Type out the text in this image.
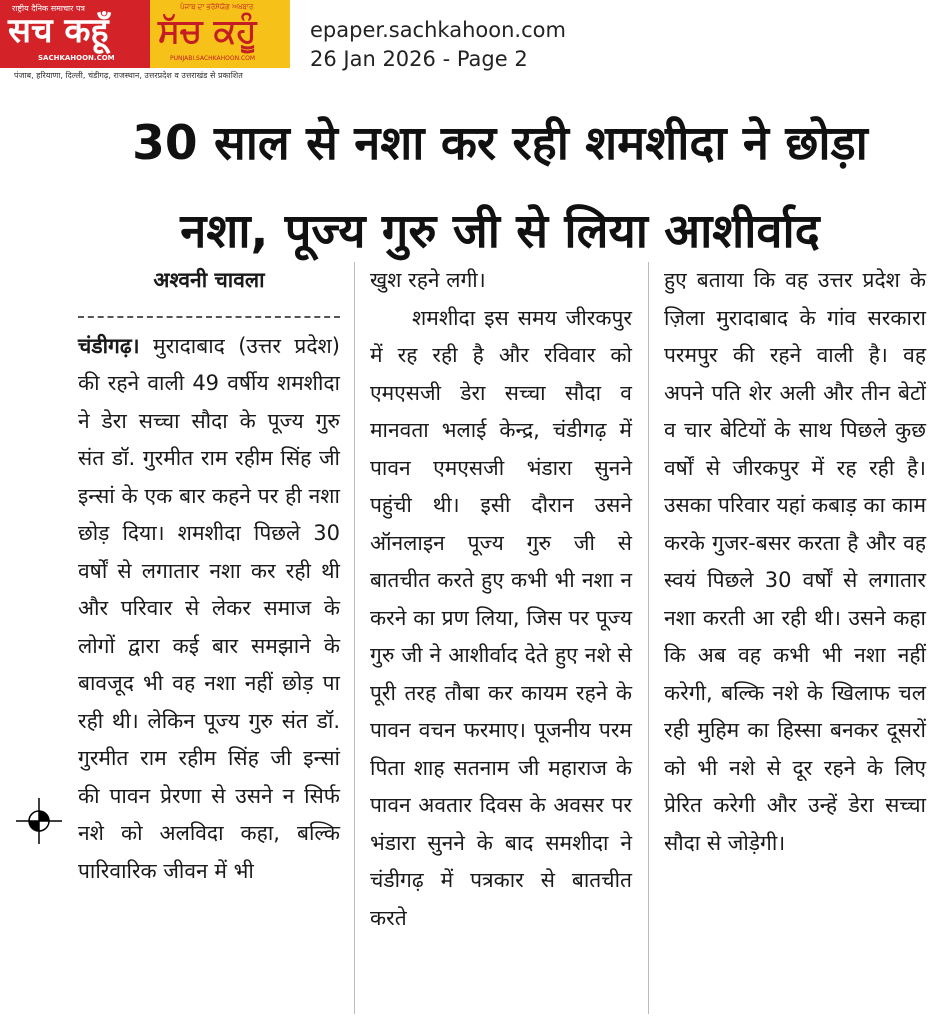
राष्ट्रीय दैनिक समाचार पत्र
सच कहूँ
SACHKAHOON.COM
ਪੰਜਾਬ ਦਾ ਭਰੋਸੇਯੋਗ ਅਖ਼ਬਾਰ
ਸੱਚ ਕਹੂੰ
PUNJABI.SACHKAHOON.COM
पंजाब, हरियाणा, दिल्ली, चंडीगढ़, राजस्थान, उत्तरप्रदेश व उत्तराखंड से प्रकाशित
epaper.sachkahoon.com
26 Jan 2026 - Page 2
30 साल से नशा कर रही शमशीदा ने छोड़ा
नशा, पूज्य गुरु जी से लिया आशीर्वाद

अश्वनी चावला

चंडीगढ़। मुरादाबाद (उत्तर प्रदेश) की रहने वाली 49 वर्षीय शमशीदा ने डेरा सच्चा सौदा के पूज्य गुरु संत डॉ. गुरमीत राम रहीम सिंह जी इन्सां के एक बार कहने पर ही नशा छोड़ दिया। शमशीदा पिछले 30 वर्षों से लगातार नशा कर रही थी और परिवार से लेकर समाज के लोगों द्वारा कई बार समझाने के बावजूद भी वह नशा नहीं छोड़ पा रही थी। लेकिन पूज्य गुरु संत डॉ. गुरमीत राम रहीम सिंह जी इन्सां की पावन प्रेरणा से उसने न सिर्फ नशे को अलविदा कहा, बल्कि पारिवारिक जीवन में भी

खुश रहने लगी।

शमशीदा इस समय जीरकपुर में रह रही है और रविवार को एमएसजी डेरा सच्चा सौदा व मानवता भलाई केन्द्र, चंडीगढ़ में पावन एमएसजी भंडारा सुनने पहुंची थी। इसी दौरान उसने ऑनलाइन पूज्य गुरु जी से बातचीत करते हुए कभी भी नशा न करने का प्रण लिया, जिस पर पूज्य गुरु जी ने आशीर्वाद देते हुए नशे से पूरी तरह तौबा कर कायम रहने के पावन वचन फरमाए। पूजनीय परम पिता शाह सतनाम जी महाराज के पावन अवतार दिवस के अवसर पर भंडारा सुनने के बाद समशीदा ने चंडीगढ़ में पत्रकार से बातचीत करते

हुए बताया कि वह उत्तर प्रदेश के ज़िला मुरादाबाद के गांव सरकारा परमपुर की रहने वाली है। वह अपने पति शेर अली और तीन बेटों व चार बेटियों के साथ पिछले कुछ वर्षों से जीरकपुर में रह रही है। उसका परिवार यहां कबाड़ का काम करके गुजर-बसर करता है और वह स्वयं पिछले 30 वर्षों से लगातार नशा करती आ रही थी। उसने कहा कि अब वह कभी भी नशा नहीं करेगी, बल्कि नशे के खिलाफ चल रही मुहिम का हिस्सा बनकर दूसरों को भी नशे से दूर रहने के लिए प्रेरित करेगी और उन्हें डेरा सच्चा सौदा से जोड़ेगी।
